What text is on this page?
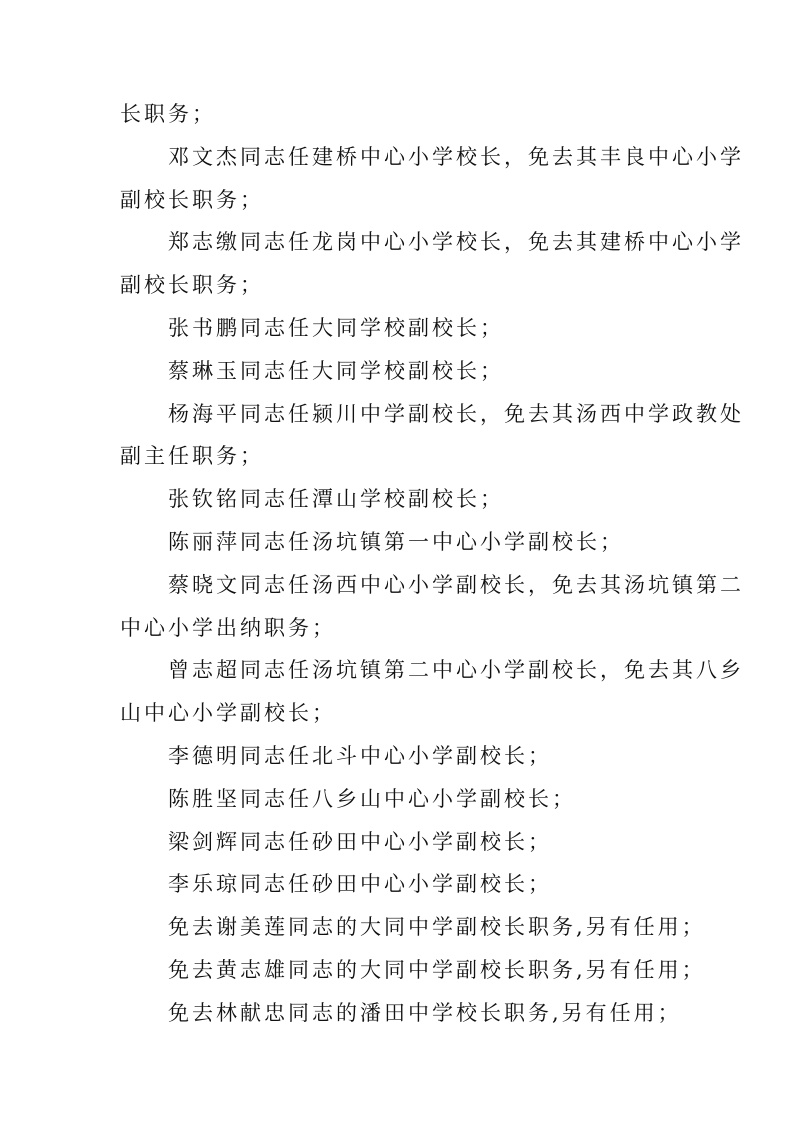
长职务；
邓文杰同志任建桥中心小学校长，免去其丰良中心小学
副校长职务；
郑志缴同志任龙岗中心小学校长，免去其建桥中心小学
副校长职务；
张书鹏同志任大同学校副校长；
蔡琳玉同志任大同学校副校长；
杨海平同志任颍川中学副校长，免去其汤西中学政教处
副主任职务；
张钦铭同志任潭山学校副校长；
陈丽萍同志任汤坑镇第一中心小学副校长；
蔡晓文同志任汤西中心小学副校长，免去其汤坑镇第二
中心小学出纳职务；
曾志超同志任汤坑镇第二中心小学副校长，免去其八乡
山中心小学副校长；
李德明同志任北斗中心小学副校长；
陈胜坚同志任八乡山中心小学副校长；
梁剑辉同志任砂田中心小学副校长；
李乐琼同志任砂田中心小学副校长；
免去谢美莲同志的大同中学副校长职务,另有任用；
免去黄志雄同志的大同中学副校长职务,另有任用；
免去林献忠同志的潘田中学校长职务,另有任用；
